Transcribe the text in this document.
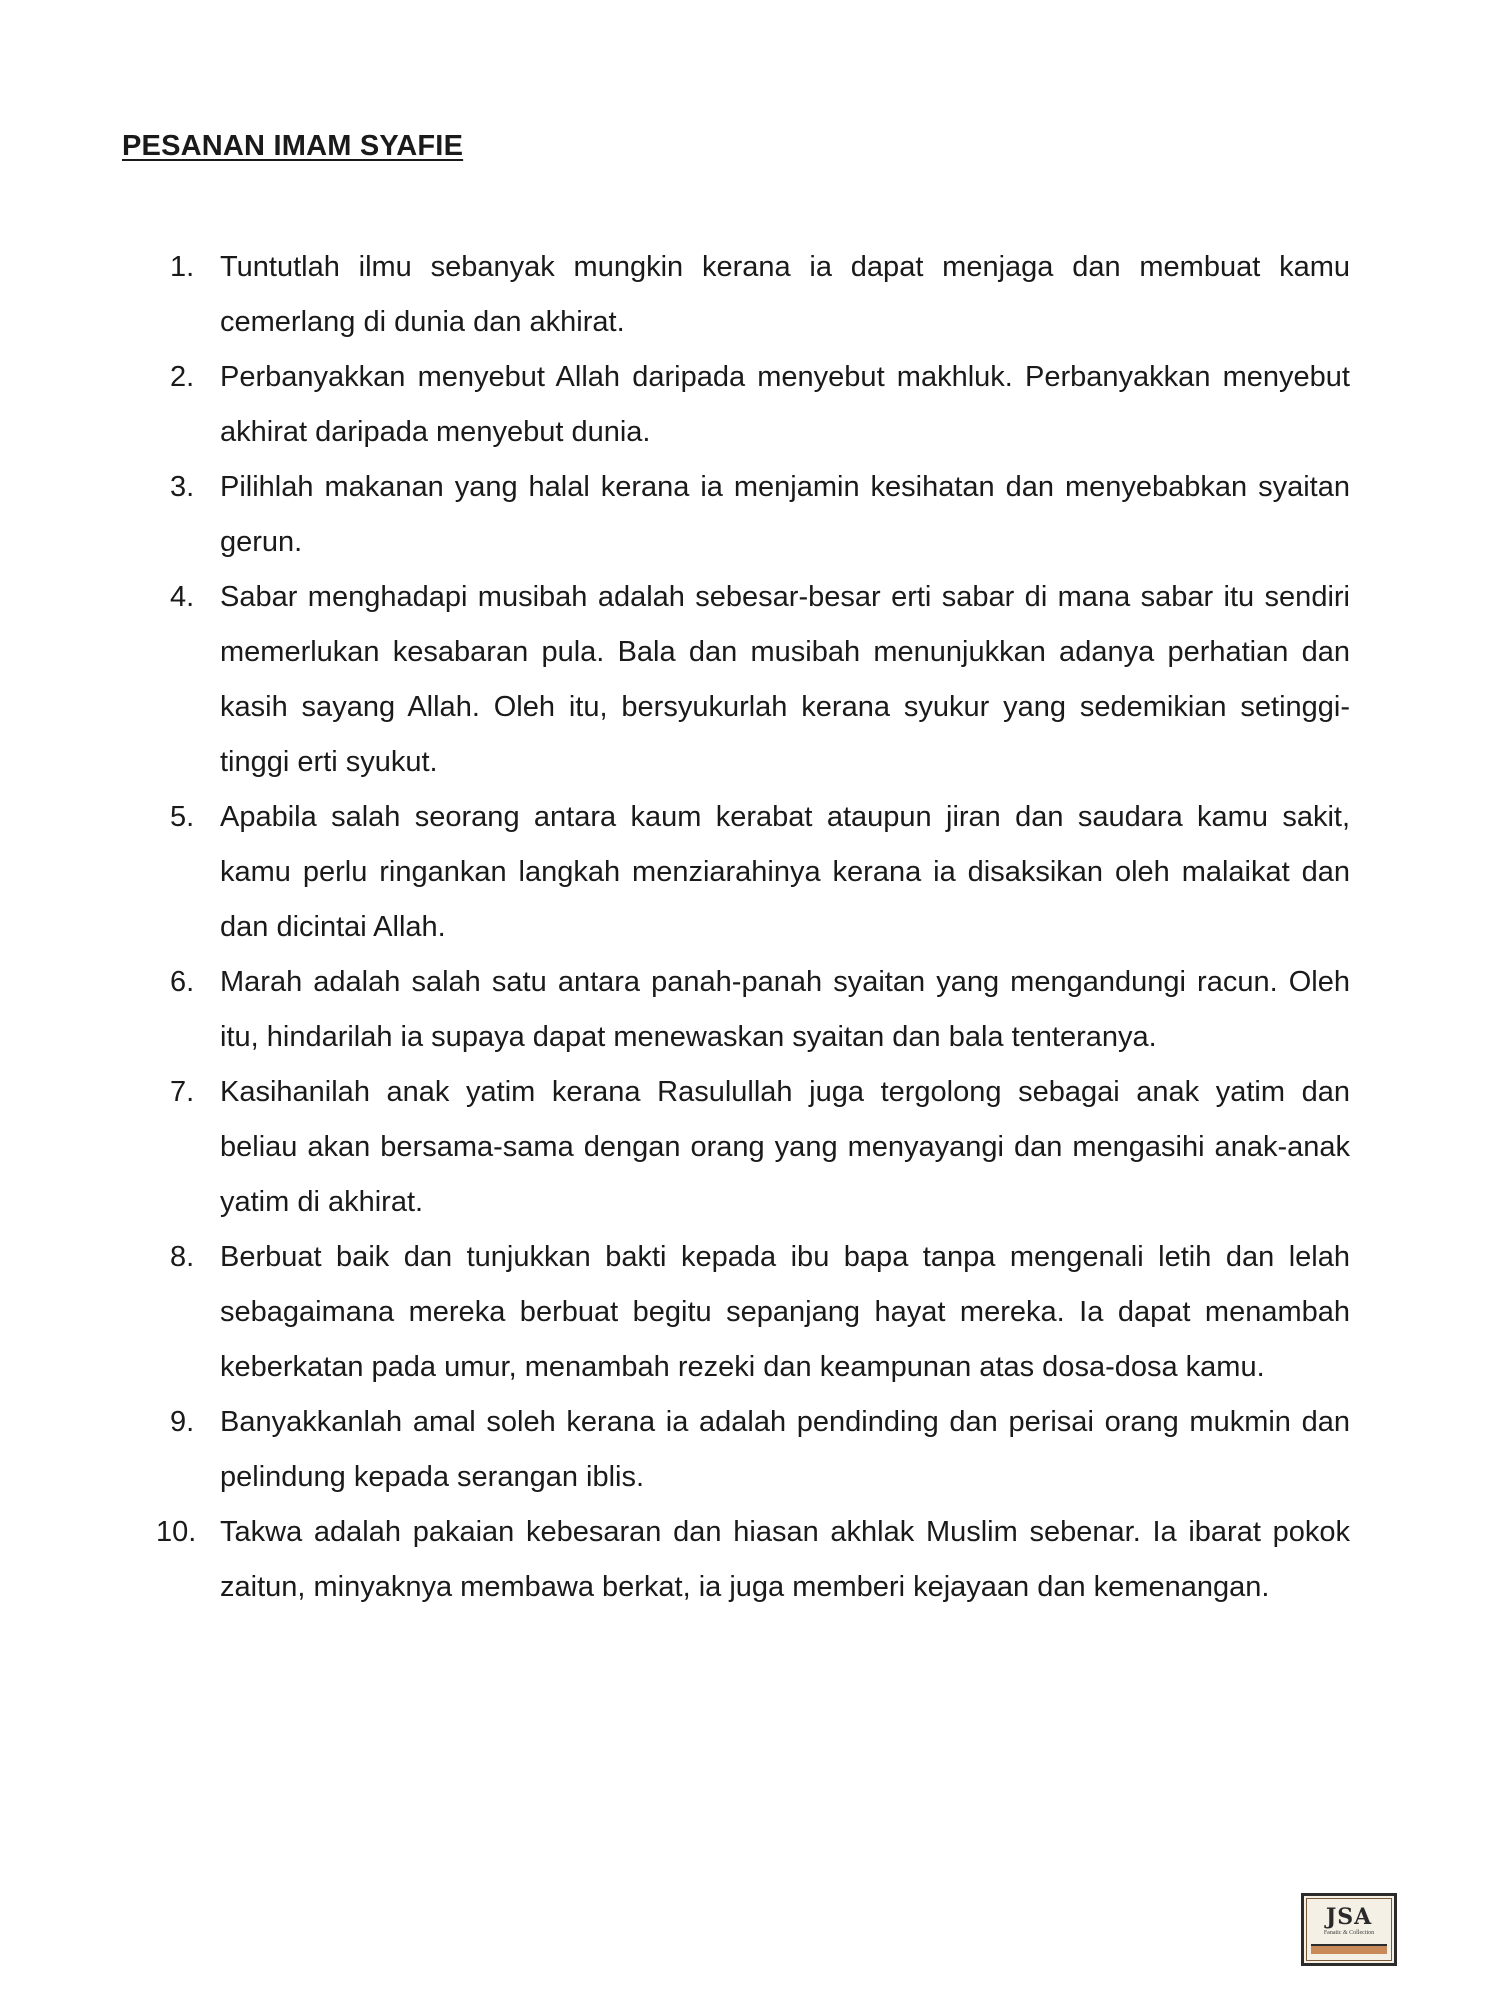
PESANAN IMAM SYAFIE
1. Tuntutlah ilmu sebanyak mungkin kerana ia dapat menjaga dan membuat kamu cemerlang di dunia dan akhirat.
2. Perbanyakkan menyebut Allah daripada menyebut makhluk. Perbanyakkan menyebut akhirat daripada menyebut dunia.
3. Pilihlah makanan yang halal kerana ia menjamin kesihatan dan menyebabkan syaitan gerun.
4. Sabar menghadapi musibah adalah sebesar-besar erti sabar di mana sabar itu sendiri memerlukan kesabaran pula. Bala dan musibah menunjukkan adanya perhatian dan kasih sayang Allah. Oleh itu, bersyukurlah kerana syukur yang sedemikian setinggi-tinggi erti syukut.
5. Apabila salah seorang antara kaum kerabat ataupun jiran dan saudara kamu sakit, kamu perlu ringankan langkah menziarahinya kerana ia disaksikan oleh malaikat dan dan dicintai Allah.
6. Marah adalah salah satu antara panah-panah syaitan yang mengandungi racun. Oleh itu, hindarilah ia supaya dapat menewaskan syaitan dan bala tenteranya.
7. Kasihanilah anak yatim kerana Rasulullah juga tergolong sebagai anak yatim dan beliau akan bersama-sama dengan orang yang menyayangi dan mengasihi anak-anak yatim di akhirat.
8. Berbuat baik dan tunjukkan bakti kepada ibu bapa tanpa mengenali letih dan lelah sebagaimana mereka berbuat begitu sepanjang hayat mereka. Ia dapat menambah keberkatan pada umur, menambah rezeki dan keampunan atas dosa-dosa kamu.
9. Banyakkanlah amal soleh kerana ia adalah pendinding dan perisai orang mukmin dan pelindung kepada serangan iblis.
10. Takwa adalah pakaian kebesaran dan hiasan akhlak Muslim sebenar. Ia ibarat pokok zaitun, minyaknya membawa berkat, ia juga memberi kejayaan dan kemenangan.
JSA
Fanatic & Collection
